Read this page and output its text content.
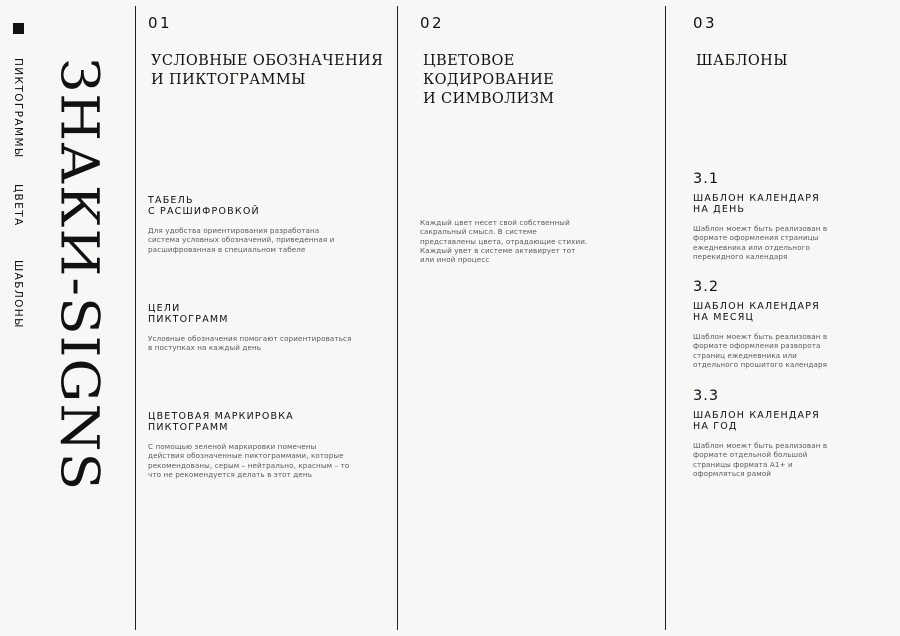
ПИКТОГРАММЫ
ЦВЕТА
ШАБЛОНЫ ЗНАКИ-SIGNS
01
УСЛОВНЫЕ ОБОЗНАЧЕНИЯ
И ПИКТОГРАММЫ
ТАБЕЛЬ
С РАСШИФРОВКОЙ

Для удобства ориентирования разработана система условных обозначений, приведенная и расшифрованная в специальном табеле

ЦЕЛИ
ПИКТОГРАММ

Условные обозначения помогают сориентироваться в поступках на каждый день

ЦВЕТОВАЯ МАРКИРОВКА
ПИКТОГРАММ

С помощью зеленой маркировки помечены действия обозначенные пиктограммами, которые рекомендованы, серым – нейтрально, красным – то что не рекомендуется делать в этот день

02
ЦВЕТОВОЕ КОДИРОВАНИЕ
И СИМВОЛИЗМ

Каждый цвет несет свой собственный сакральный смысл. В системе представлены цвета, отрадающие стихии. Каждый увет в системе активирует тот или иной процесс

03
ШАБЛОНЫ
3.1
ШАБЛОН КАЛЕНДАРЯ
НА ДЕНЬ

Шаблон моежт быть реализован в формате оформления страницы ежедневника или отдельного перекидного календаря

3.2
ШАБЛОН КАЛЕНДАРЯ
НА МЕСЯЦ

Шаблон моежт быть реализован в формате оформления разворота страниц ежедневника или отдельного прошитого календаря

3.3
ШАБЛОН КАЛЕНДАРЯ
НА ГОД

Шаблон моежт быть реализован в формате отдельной большой страницы формата А1+ и оформляться рамой
